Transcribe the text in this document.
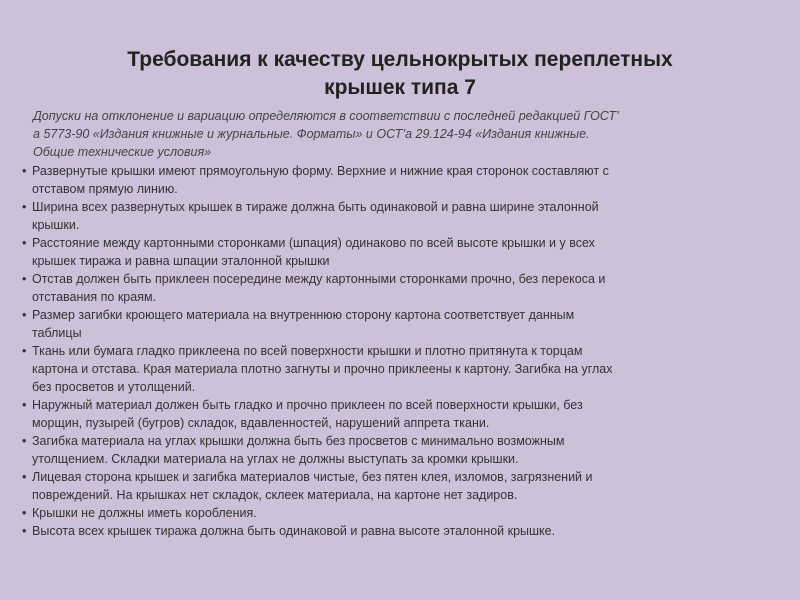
Требования к качеству цельнокрытых переплетных
крышек типа 7
Допуски на отклонение и вариацию определяются в соответствии с последней редакцией ГОСТ’
а 5773-90 «Издания книжные и журнальные. Форматы» и ОСТ’а 29.124-94 «Издания книжные.
Общие технические условия»
• Развернутые крышки имеют прямоугольную форму. Верхние и нижние края сторонок составляют с
отставом прямую линию.
• Ширина всех развернутых крышек в тираже должна быть одинаковой и равна ширине эталонной
крышки.
• Расстояние между картонными сторонками (шпация) одинаково по всей высоте крышки и у всех
крышек тиража и равна шпации эталонной крышки
• Отстав должен быть приклеен посередине между картонными сторонками прочно, без перекоса и
отставания по краям.
• Размер загибки кроющего материала на внутреннюю сторону картона соответствует данным
таблицы
• Ткань или бумага гладко приклеена по всей поверхности крышки и плотно притянута к торцам
картона и отстава. Края материала плотно загнуты и прочно приклеены к картону. Загибка на углах
без просветов и утолщений.
• Наружный материал должен быть гладко и прочно приклеен по всей поверхности крышки, без
морщин, пузырей (бугров) складок, вдавленностей, нарушений аппрета ткани.
• Загибка материала на углах крышки должна быть без просветов с минимально возможным
утолщением. Складки материала на углах не должны выступать за кромки крышки.
• Лицевая сторона крышек и загибка материалов чистые, без пятен клея, изломов, загрязнений и
повреждений. На крышках нет складок, склеек материала, на картоне нет задиров.
• Крышки не должны иметь коробления.
• Высота всех крышек тиража должна быть одинаковой и равна высоте эталонной крышке.
